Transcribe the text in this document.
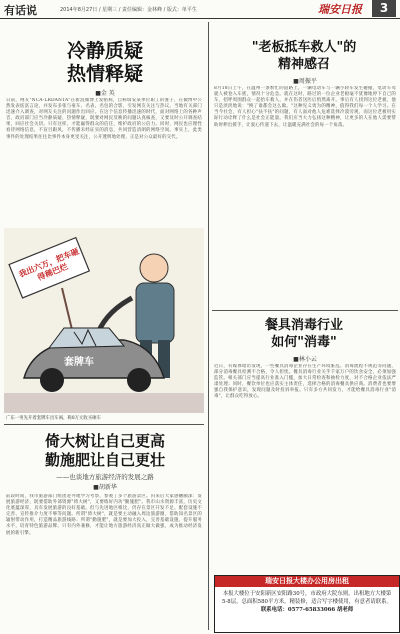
有话说	2014年8月27日 / 星期三 / 责任编辑：金林峰 / 版式：单平生	瑞安日报	3
冷静质疑
热情释疑
■金 英
日前，网友"NCA-LRDANTA"在新浪微博上发帖称，自称瑞安某单位职工的妻子，在微博中公然发表炫富言论，并发布多张与豪车、名表、名包的合影，引发网友关注与热议。当地有关部门迅速介入调查，对网友关注的问题作出回应。在这个信息传播迅速的时代，面对网络上的各种声音，政府部门应当冷静质疑、热情释疑，既要对网民反映的问题认真核查，又要及时公开调查结果，回应社会关切。只有这样，才能赢得群众的信任，维护政府的公信力。同时，网民也应理性看待网络信息，不盲目跟风，不传播未经证实的消息，共同营造清朗的网络空间。事实上，此类事件的处理结果往往比事件本身更受关注，公开透明地处理，正是对公众最好的交代。
我出六万，把车砸得稀巴烂
套牌车
广东一男先开着套牌车出车祸，称8万元收买砸车
倚大树让自己更高
勤施肥让自己更壮
——也谈地方旅游经济的发展之路
■胡新华
前段时间，我市旅游部门组团赴外地学习考察，参观了多个旅游景区。归来后大家感触颇深：发展旅游经济，既要借助外部资源"倚大树"，又要练好内功"勤施肥"。我市山水资源丰富，历史文化底蕴深厚，具有发展旅游的良好基础。但与先进地区相比，仍存在景区开发不足、配套设施不完善、宣传推介力度不够等问题。所谓"倚大树"，就是要主动融入周边旅游圈，借助知名景区的辐射带动作用，打造精品旅游线路；所谓"勤施肥"，就是要加大投入，完善基础设施，提升服务水平，培育特色旅游品牌。只有内外兼修，才能让地方旅游经济真正做大做强，成为推动经济发展的新引擎。
"老板抵车救人"的
精神感召
■周振平
8月18日上午，在温州一条繁忙的道路上，一辆电动车与一辆小轿车发生碰撞，电动车驾驶人被卷入车底，情况十分危急。就在这时，路过的一位企业老板毫不犹豫地停下自己的车，招呼周围群众一起抬车救人，并在伤者送医后悄然离开。事后有人找到这位老板，他只是淡淡地说："换了谁都会这么做。"这种见义勇为的精神，值得我们每一个人学习。在当今社会，有人担心"扶不扶"的问题，有人面对他人危难选择冷漠旁观，而这位老板用实际行动诠释了什么是社会正能量。我们应当大力弘扬这种精神，让更多的人在他人需要帮助时伸出援手，让爱心传递下去，让温暖充满社会的每一个角落。
餐具消毒行业
如何"消毒"
■林小云
近日，有媒体暗访发现，一些餐具消毒企业存在生产环境脏乱、消毒流程不规范等问题，部分消毒餐具检测不合格，令人担忧。餐具消毒行业关乎千家万户的饮食安全，必须加强监管。相关部门应当提高行业准入门槛，加大日常检查和抽检力度，对不合格企业依法严肃处理；同时，餐饮单位也应落实主体责任，选择合格的消毒餐具供应商。消费者也要增强自我保护意识，发现问题及时投诉举报。只有多方共同发力，才能给餐具消毒行业"消毒"，让群众吃得放心。
瑞安日报大楼办公用房出租
本报大楼位于安阳新区安阳路30号，市政府大院东则，出租地方大楼第5-8层，总面积580平方米，精装修，适合写字楼使用，有意者请联系。
联系电话：0577-65833066 胡老师
